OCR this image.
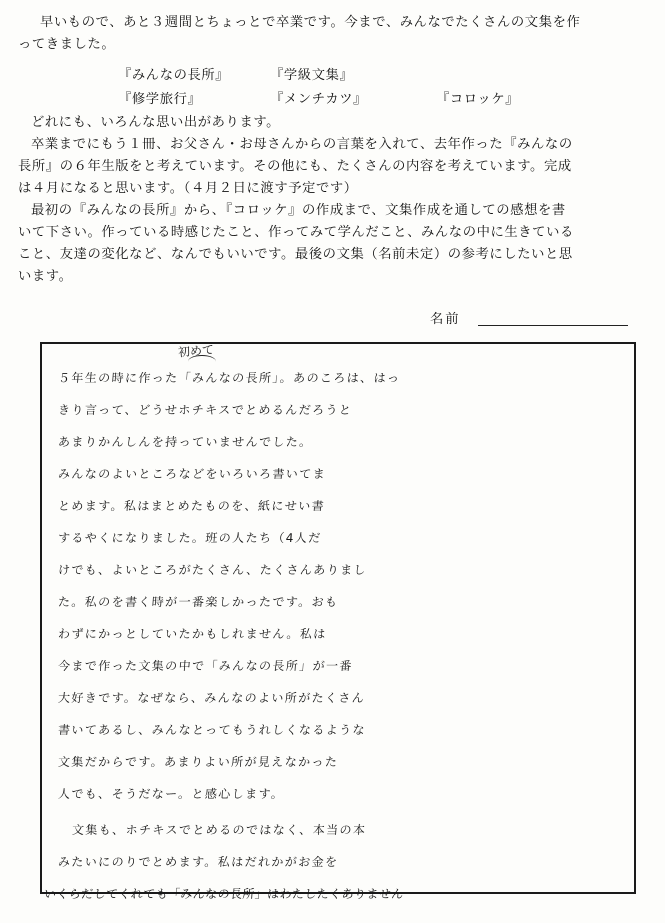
早いもので、あと３週間とちょっとで卒業です。今まで、みんなでたくさんの文集を作

ってきました。

『みんなの長所』	『学級文集』
『修学旅行』	『メンチカツ』	『コロッケ』

どれにも、いろんな思い出があります。

卒業までにもう１冊、お父さん・お母さんからの言葉を入れて、去年作った『みんなの

長所』の６年生版をと考えています。その他にも、たくさんの内容を考えています。完成

は４月になると思います。（４月２日に渡す予定です）

最初の『みんなの長所』から、『コロッケ』の作成まで、文集作成を通しての感想を書

いて下さい。作っている時感じたこと、作ってみて学んだこと、みんなの中に生きている

こと、友達の変化など、なんでもいいです。最後の文集（名前未定）の参考にしたいと思

います。

名前
初めて
５年生の時に作った「みんなの長所」。あのころは、はっ
きり言って、どうせホチキスでとめるんだろうと
あまりかんしんを持っていませんでした。
みんなのよいところなどをいろいろ書いてま
とめます。私はまとめたものを、紙にせい書
するやくになりました。班の人たち（4人だ
けでも、よいところがたくさん、たくさんありまし
た。私のを書く時が一番楽しかったです。おも
わずにかっとしていたかもしれません。私は
今まで作った文集の中で「みんなの長所」が一番
大好きです。なぜなら、みんなのよい所がたくさん
書いてあるし、みんなとってもうれしくなるような
文集だからです。あまりよい所が見えなかった
人でも、そうだなー。と感心します。
文集も、ホチキスでとめるのではなく、本当の本
みたいにのりでとめます。私はだれかがお金を
いくらだしてくれても「みんなの長所」はわたしたくありません
